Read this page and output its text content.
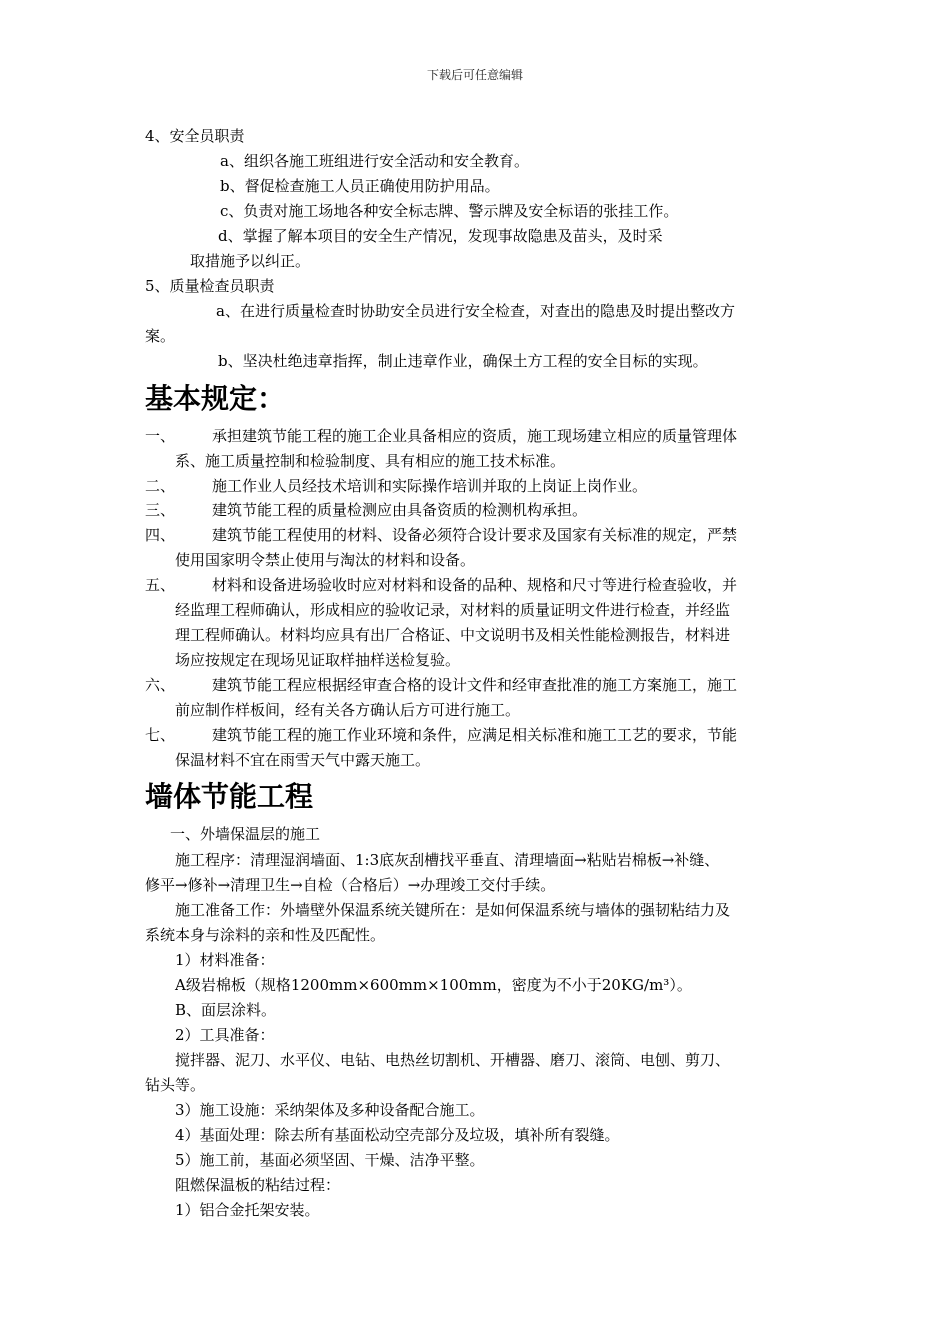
下载后可任意编辑
4、安全员职责
a、组织各施工班组进行安全活动和安全教育。
b、督促检查施工人员正确使用防护用品。
c、负责对施工场地各种安全标志牌、警示牌及安全标语的张挂工作。
d、掌握了解本项目的安全生产情况，发现事故隐患及苗头，及时采
取措施予以纠正。
5、质量检查员职责
a、在进行质量检查时协助安全员进行安全检查，对查出的隐患及时提出整改方
案。
b、坚决杜绝违章指挥，制止违章作业，确保土方工程的安全目标的实现。
基本规定：
一、 承担建筑节能工程的施工企业具备相应的资质，施工现场建立相应的质量管理体
系、施工质量控制和检验制度、具有相应的施工技术标准。
二、 施工作业人员经技术培训和实际操作培训并取的上岗证上岗作业。
三、 建筑节能工程的质量检测应由具备资质的检测机构承担。
四、 建筑节能工程使用的材料、设备必须符合设计要求及国家有关标准的规定，严禁
使用国家明令禁止使用与淘汰的材料和设备。
五、 材料和设备进场验收时应对材料和设备的品种、规格和尺寸等进行检查验收，并
经监理工程师确认，形成相应的验收记录，对材料的质量证明文件进行检查，并经监
理工程师确认。材料均应具有出厂合格证、中文说明书及相关性能检测报告，材料进
场应按规定在现场见证取样抽样送检复验。
六、 建筑节能工程应根据经审查合格的设计文件和经审查批准的施工方案施工，施工
前应制作样板间，经有关各方确认后方可进行施工。
七、 建筑节能工程的施工作业环境和条件，应满足相关标准和施工工艺的要求，节能
保温材料不宜在雨雪天气中露天施工。
墙体节能工程
一、外墙保温层的施工
施工程序：清理湿润墙面、1:3底灰刮槽找平垂直、清理墙面→粘贴岩棉板→补缝、
修平→修补→清理卫生→自检（合格后）→办理竣工交付手续。
施工准备工作：外墙壁外保温系统关键所在：是如何保温系统与墙体的强韧粘结力及
系统本身与涂料的亲和性及匹配性。
1）材料准备：
A级岩棉板（规格1200mm×600mm×100mm，密度为不小于20KG/m³）。
B、面层涂料。
2）工具准备：
搅拌器、泥刀、水平仪、电钻、电热丝切割机、开槽器、磨刀、滚筒、电刨、剪刀、
钻头等。
3）施工设施：采纳架体及多种设备配合施工。
4）基面处理：除去所有基面松动空壳部分及垃圾，填补所有裂缝。
5）施工前，基面必须坚固、干燥、洁净平整。
阻燃保温板的粘结过程：
1）铝合金托架安装。
